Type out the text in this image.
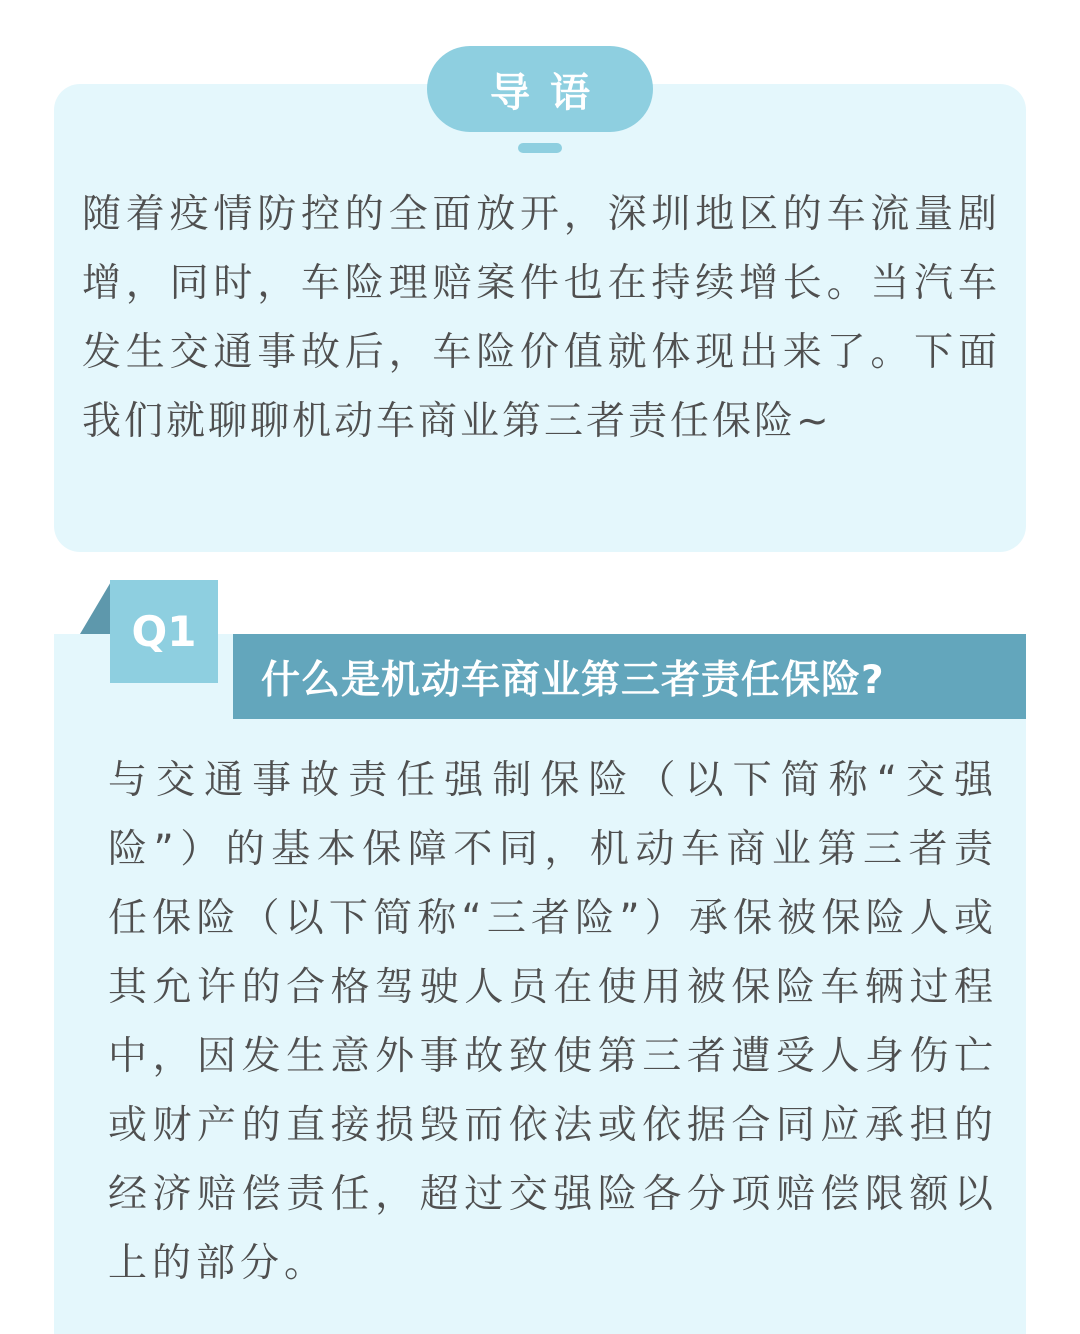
导语

随着疫情防控的全面放开，深圳地区的车流量剧增，同时，车险理赔案件也在持续增长。当汽车发生交通事故后，车险价值就体现出来了。下面我们就聊聊机动车商业第三者责任保险~

Q1
什么是机动车商业第三者责任保险?

与交通事故责任强制保险（以下简称“交强险”）的基本保障不同，机动车商业第三者责任保险（以下简称“三者险”）承保被保险人或其允许的合格驾驶人员在使用被保险车辆过程中，因发生意外事故致使第三者遭受人身伤亡或财产的直接损毁而依法或依据合同应承担的经济赔偿责任，超过交强险各分项赔偿限额以上的部分。
